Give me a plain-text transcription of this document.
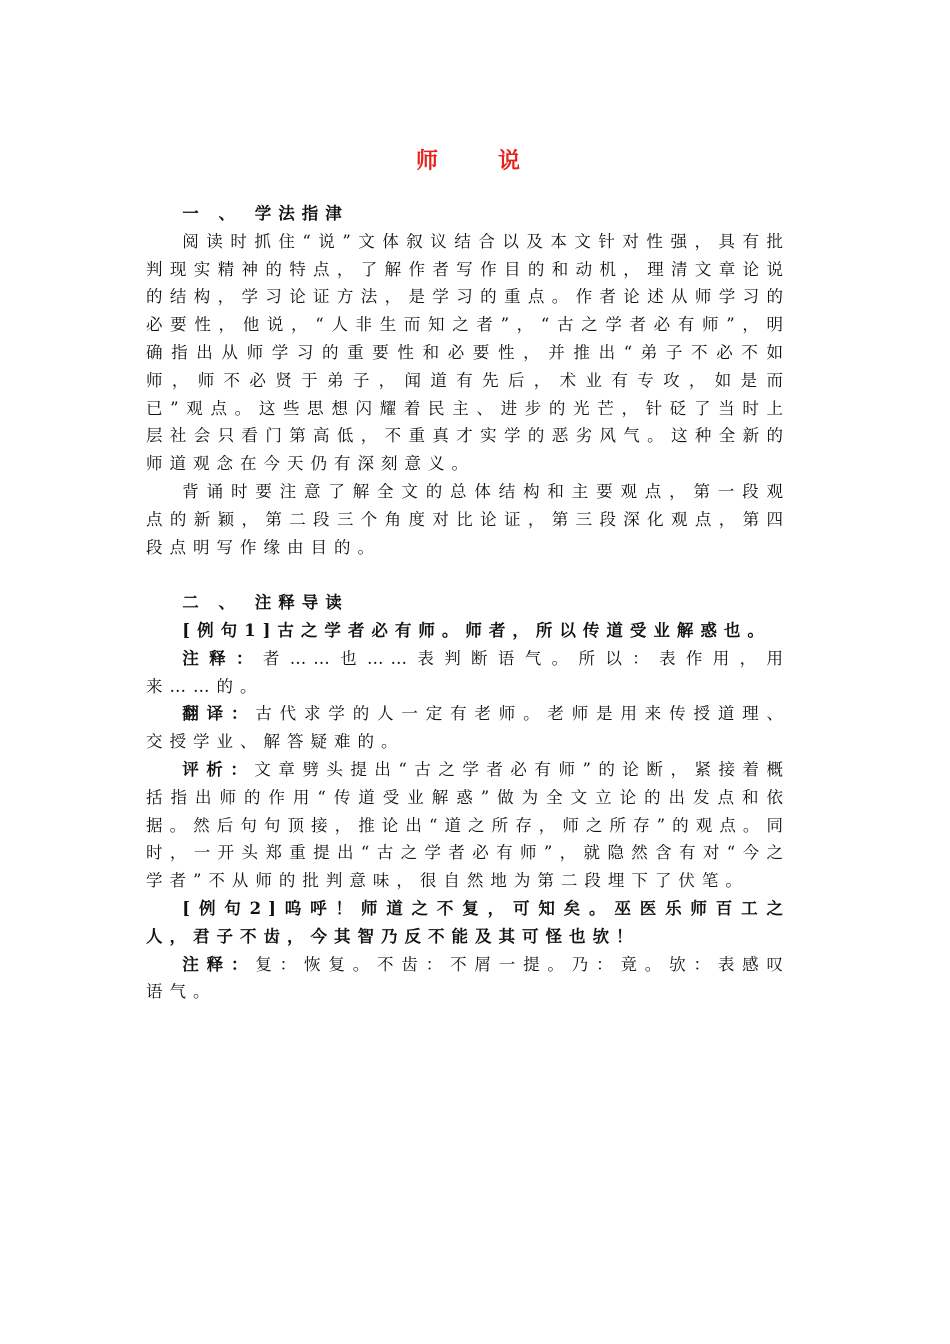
师	说

一 、 学法指津

阅读时抓住“说”文体叙议结合以及本文针对性强，具有批判现实精神的特点，了解作者写作目的和动机，理清文章论说的结构，学习论证方法，是学习的重点。作者论述从师学习的必要性，他说，“人非生而知之者”，“古之学者必有师”，明确指出从师学习的重要性和必要性，并推出“弟子不必不如师，师不必贤于弟子，闻道有先后，术业有专攻，如是而已”观点。这些思想闪耀着民主、进步的光芒，针砭了当时上层社会只看门第高低，不重真才实学的恶劣风气。这种全新的师道观念在今天仍有深刻意义。

背诵时要注意了解全文的总体结构和主要观点，第一段观点的新颖，第二段三个角度对比论证，第三段深化观点，第四段点明写作缘由目的。

二 、 注释导读

[例句1]古之学者必有师。师者，所以传道受业解惑也。

注释：者……也……表判断语气。所以：表作用，用来……的。

翻译：古代求学的人一定有老师。老师是用来传授道理、交授学业、解答疑难的。

评析：文章劈头提出“古之学者必有师”的论断，紧接着概括指出师的作用“传道受业解惑”做为全文立论的出发点和依据。然后句句顶接，推论出“道之所存，师之所存”的观点。同时，一开头郑重提出“古之学者必有师”，就隐然含有对“今之学者”不从师的批判意味，很自然地为第二段埋下了伏笔。

[例句2]呜呼！师道之不复，可知矣。巫医乐师百工之人，君子不齿，今其智乃反不能及其可怪也欤！

注释：复：恢复。不齿：不屑一提。乃：竟。欤：表感叹语气。
